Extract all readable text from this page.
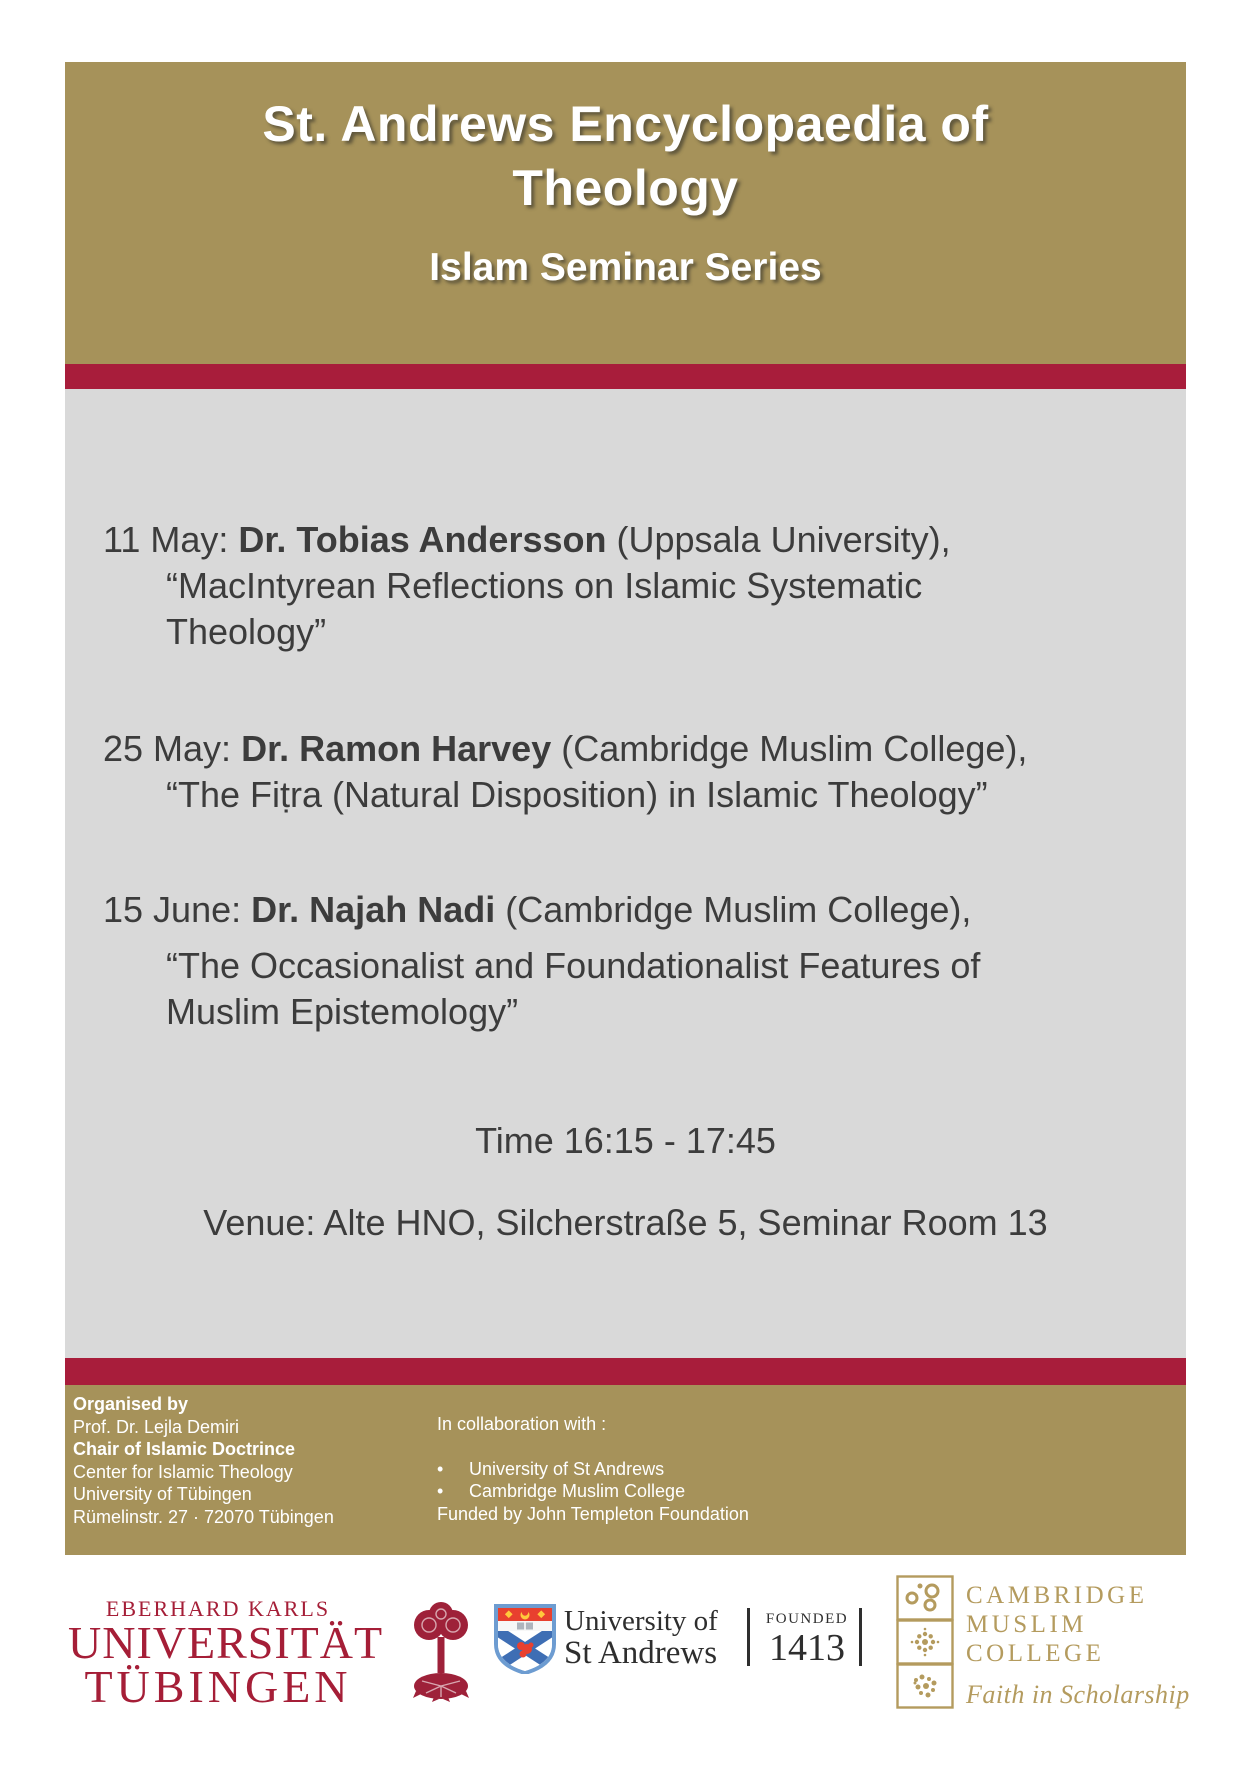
St. Andrews Encyclopaedia of
Theology
Islam Seminar Series
11 May: Dr. Tobias Andersson (Uppsala University),
“MacIntyrean Reflections on Islamic Systematic
Theology”
25 May: Dr. Ramon Harvey (Cambridge Muslim College),
“The Fiṭra (Natural Disposition) in Islamic Theology”
15 June: Dr. Najah Nadi (Cambridge Muslim College),
“The Occasionalist and Foundationalist Features of
Muslim Epistemology”
Time 16:15 - 17:45
Venue: Alte HNO, Silcherstraße 5, Seminar Room 13
Organised by
Prof. Dr. Lejla Demiri
Chair of Islamic Doctrince
Center for Islamic Theology
University of Tübingen
Rümelinstr. 27 · 72070 Tübingen
In collaboration with :
• University of St Andrews
• Cambridge Muslim College
Funded by John Templeton Foundation
EBERHARD KARLS
UNIVERSITÄT
TÜBINGEN
University of
St Andrews
FOUNDED
1413
CAMBRIDGE
MUSLIM
COLLEGE
Faith in Scholarship
